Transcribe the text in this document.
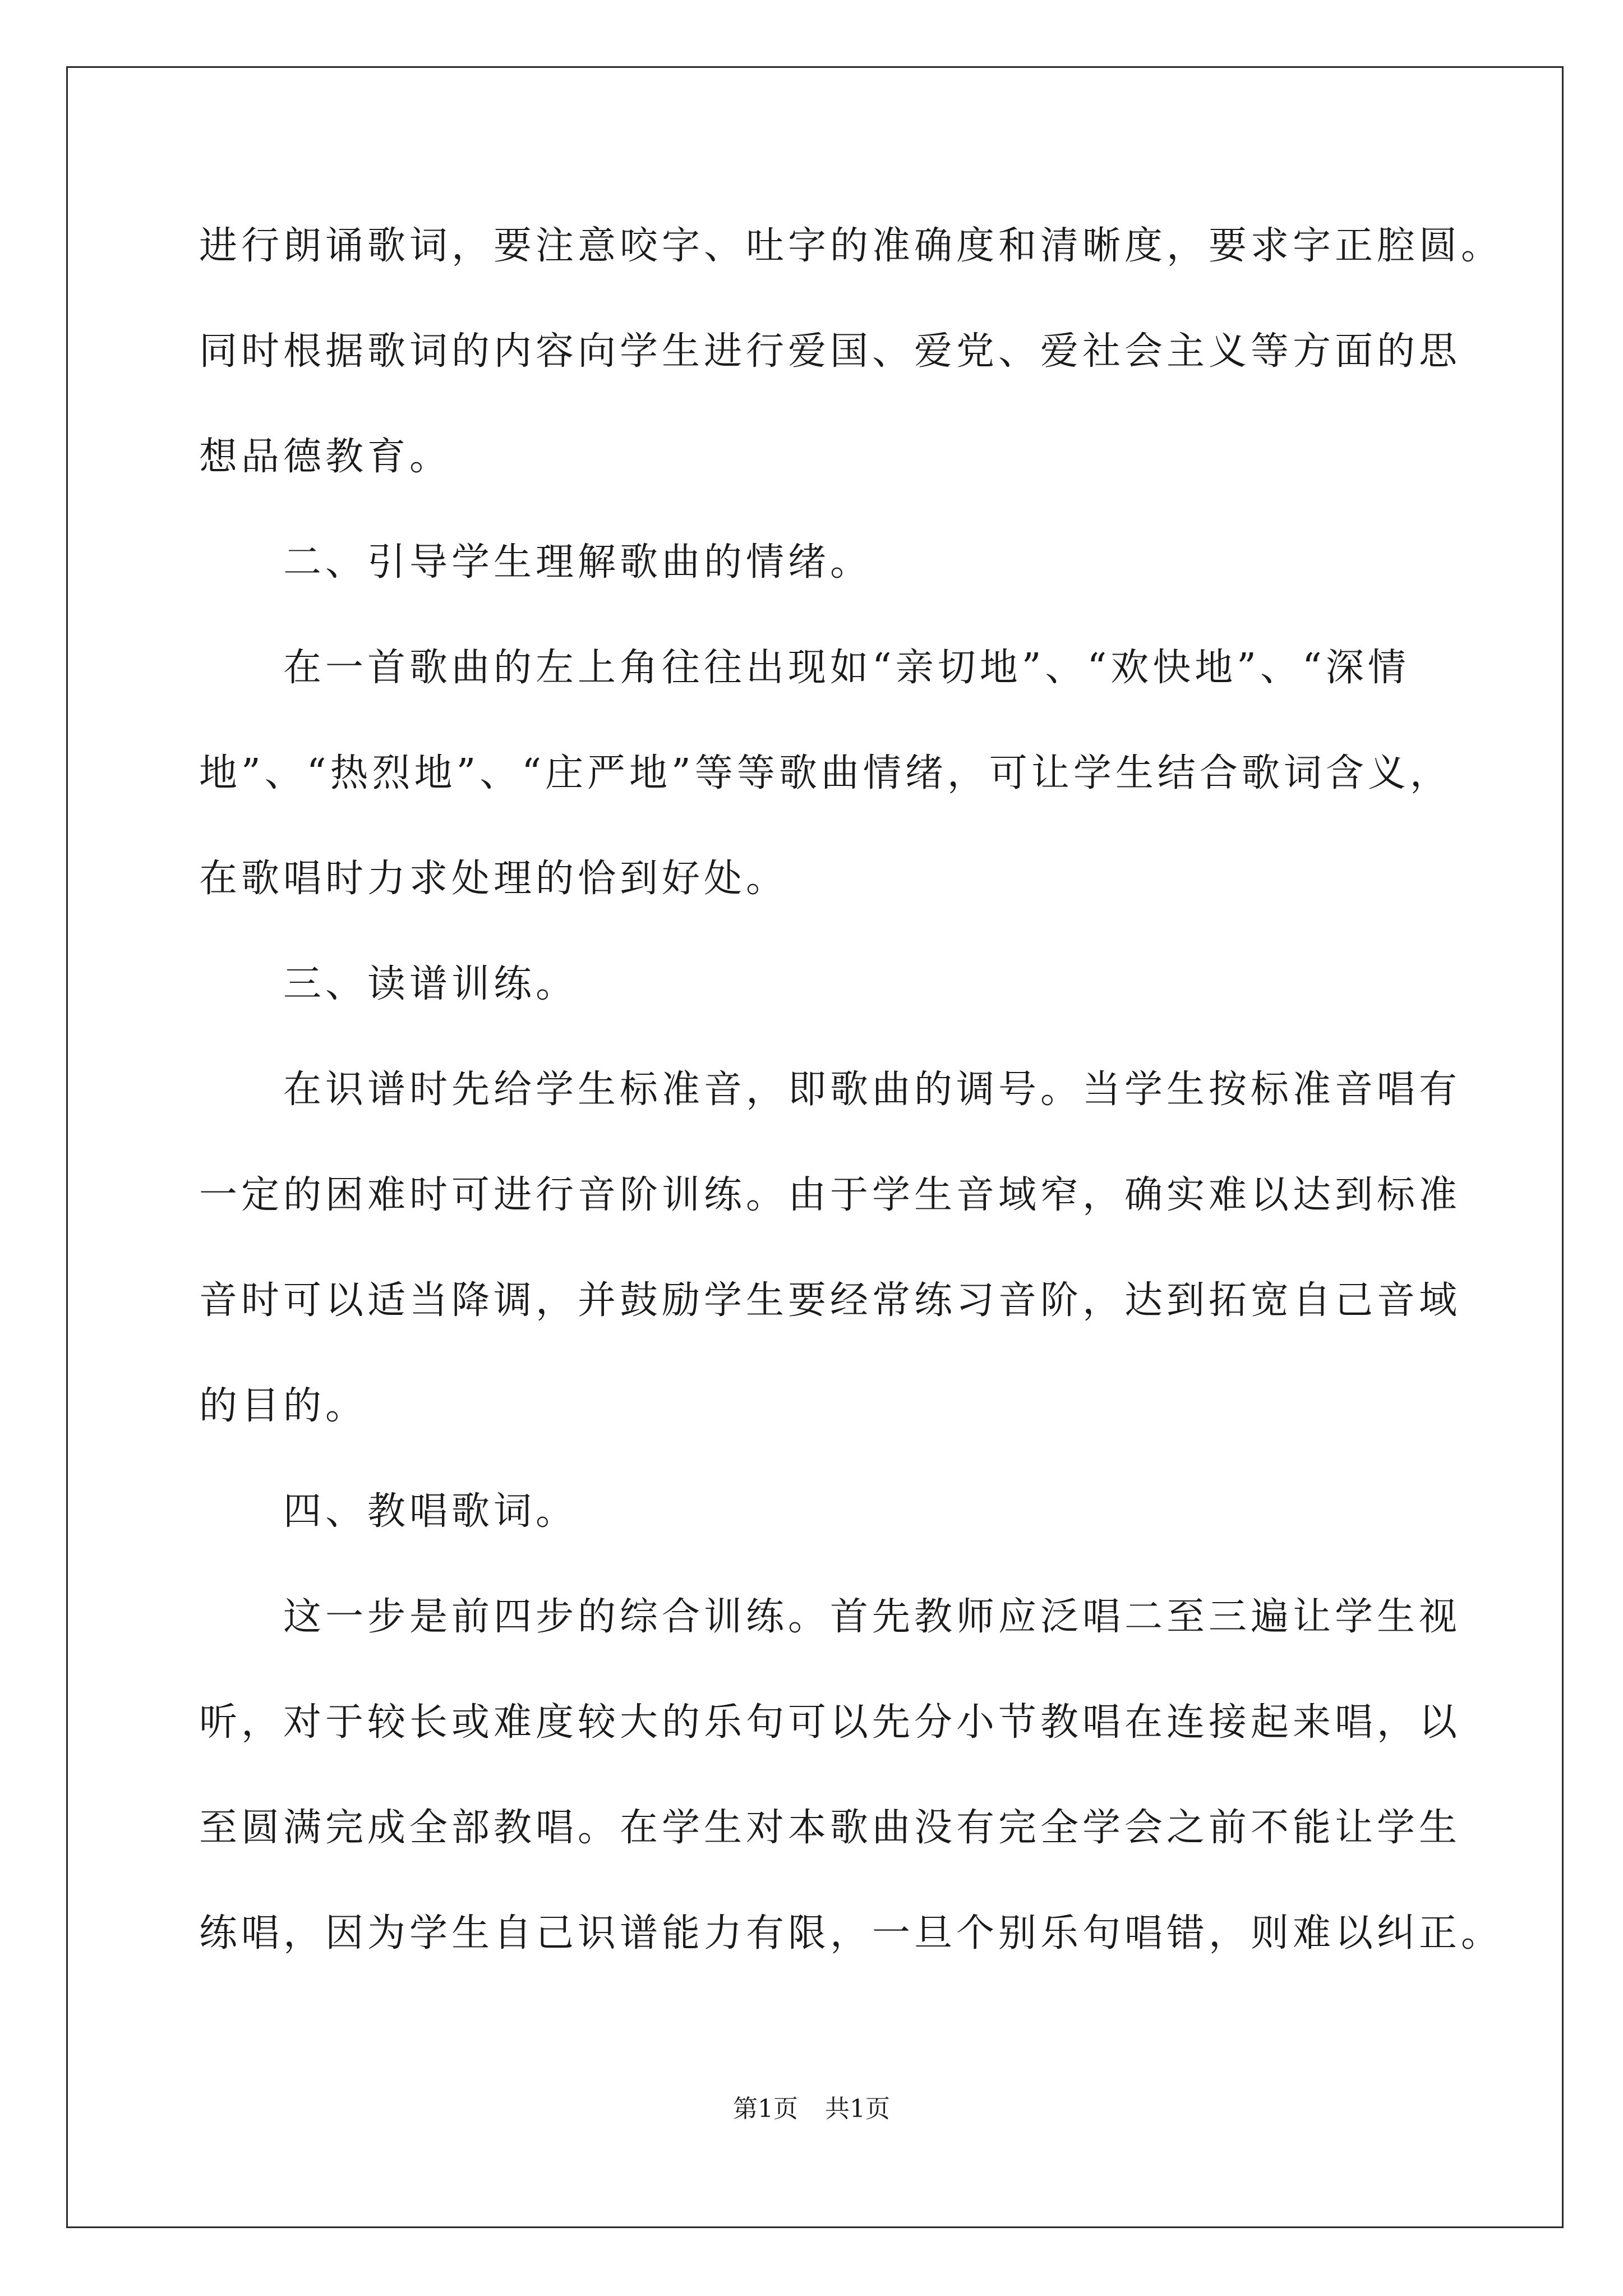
进行朗诵歌词，要注意咬字、吐字的准确度和清晰度，要求字正腔圆。

同时根据歌词的内容向学生进行爱国、爱党、爱社会主义等方面的思

想品德教育。

二、引导学生理解歌曲的情绪。

在一首歌曲的左上角往往出现如“亲切地”、“欢快地”、“深情

地”、“热烈地”、“庄严地”等等歌曲情绪，可让学生结合歌词含义，

在歌唱时力求处理的恰到好处。

三、读谱训练。

在识谱时先给学生标准音，即歌曲的调号。当学生按标准音唱有

一定的困难时可进行音阶训练。由于学生音域窄，确实难以达到标准

音时可以适当降调，并鼓励学生要经常练习音阶，达到拓宽自己音域

的目的。

四、教唱歌词。

这一步是前四步的综合训练。首先教师应泛唱二至三遍让学生视

听，对于较长或难度较大的乐句可以先分小节教唱在连接起来唱，以

至圆满完成全部教唱。在学生对本歌曲没有完全学会之前不能让学生

练唱，因为学生自己识谱能力有限，一旦个别乐句唱错，则难以纠正。

第1页 共1页
